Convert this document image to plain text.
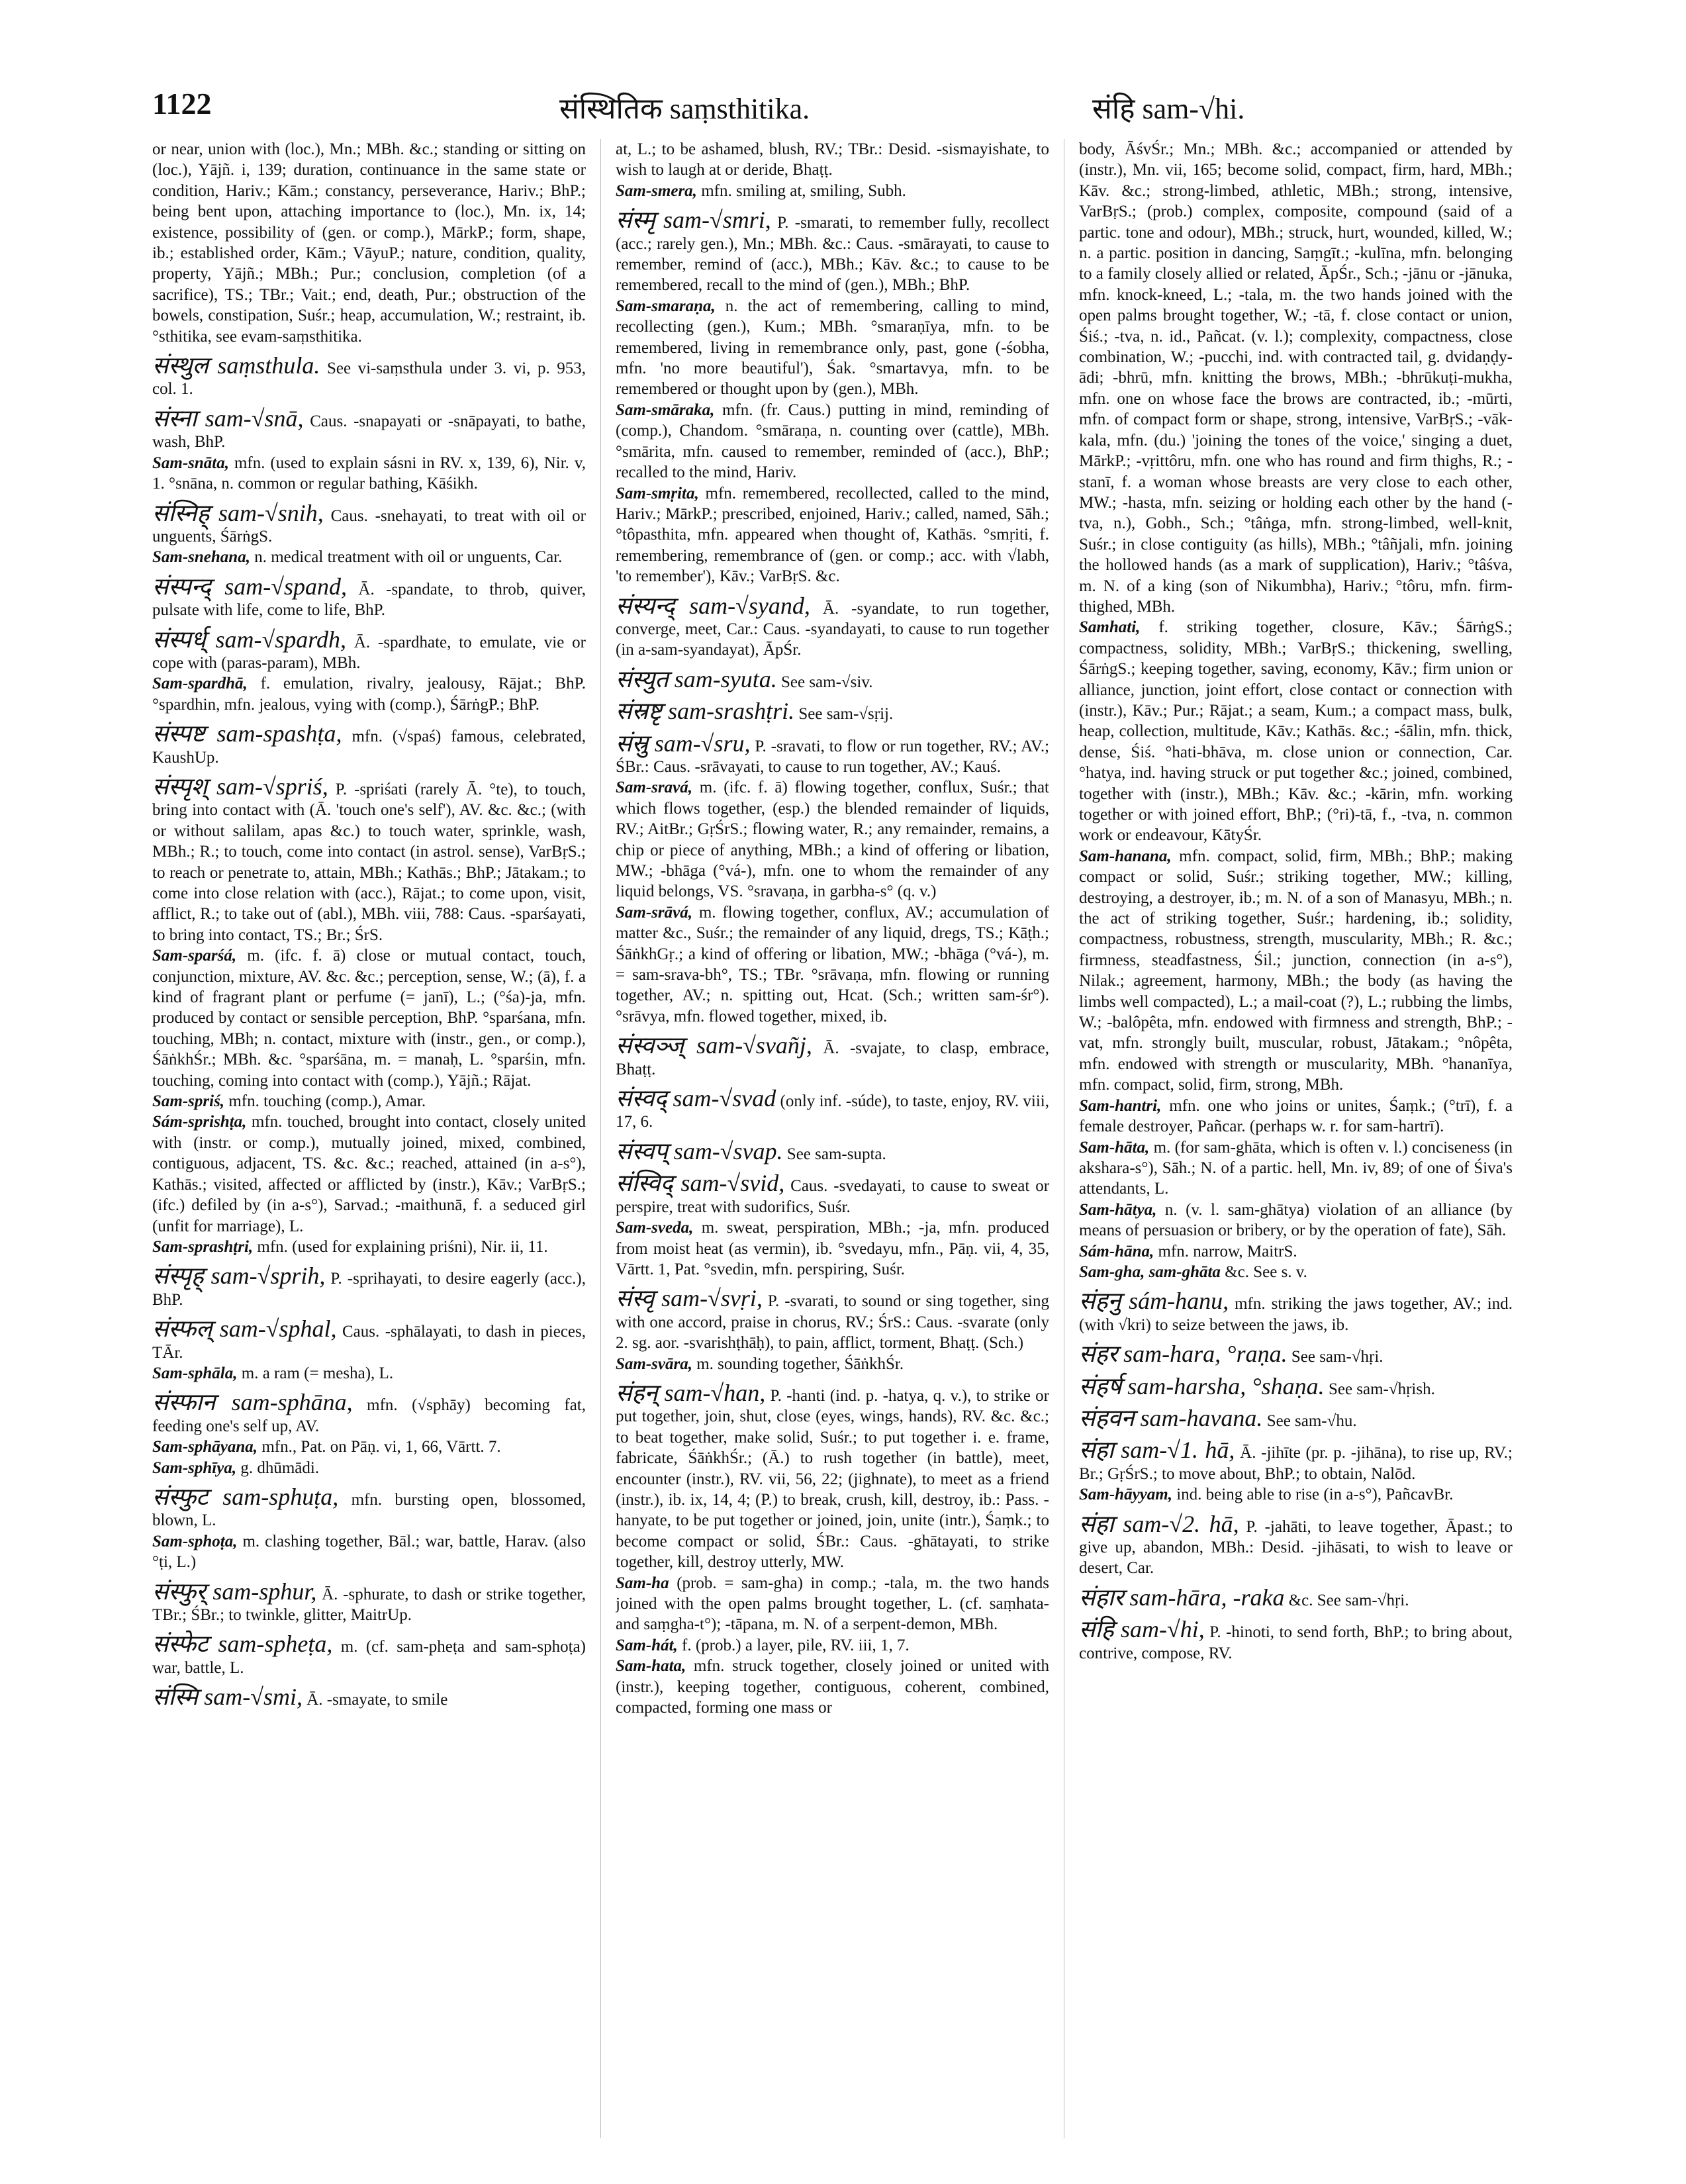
1122	संस्थितिक saṃsthitika.	संहि sam-√hi.

or near, union with (loc.), Mn.; MBh. &c.; standing or sitting on (loc.), Yājñ. i, 139; duration, continuance in the same state or condition, Hariv.; Kām.; constancy, perseverance, Hariv.; BhP.; being bent upon, attaching importance to (loc.), Mn. ix, 14; existence, possibility of (gen. or comp.), MārkP.; form, shape, ib.; established order, Kām.; VāyuP.; nature, condition, quality, property, Yājñ.; MBh.; Pur.; conclusion, completion (of a sacrifice), TS.; TBr.; Vait.; end, death, Pur.; obstruction of the bowels, constipation, Suśr.; heap, accumulation, W.; restraint, ib. °sthitika, see evam-saṃsthitika.

संस्थुल saṃsthula. See vi-saṃsthula under 3. vi, p. 953, col. 1.

संस्ना sam-√snā, Caus. -snapayati or -snāpayati, to bathe, wash, BhP.

Sam-snāta, mfn. (used to explain sásni in RV. x, 139, 6), Nir. v, 1. °snāna, n. common or regular bathing, Kāśikh.

संस्निह् sam-√snih, Caus. -snehayati, to treat with oil or unguents, ŚārṅgS.

Sam-snehana, n. medical treatment with oil or unguents, Car.

संस्पन्द् sam-√spand, Ā. -spandate, to throb, quiver, pulsate with life, come to life, BhP.

संस्पर्ध् sam-√spardh, Ā. -spardhate, to emulate, vie or cope with (paras-param), MBh.

Sam-spardhā, f. emulation, rivalry, jealousy, Rājat.; BhP. °spardhin, mfn. jealous, vying with (comp.), ŚārṅgP.; BhP.

संस्पष्ट sam-spashṭa, mfn. (√spaś) famous, celebrated, KaushUp.

संस्पृश् sam-√spriś, P. -spriśati (rarely Ā. °te), to touch, bring into contact with (Ā. 'touch one's self'), AV. &c. &c.; (with or without salilam, apas &c.) to touch water, sprinkle, wash, MBh.; R.; to touch, come into contact (in astrol. sense), VarBṛS.; to reach or penetrate to, attain, MBh.; Kathās.; BhP.; Jātakam.; to come into close relation with (acc.), Rājat.; to come upon, visit, afflict, R.; to take out of (abl.), MBh. viii, 788: Caus. -sparśayati, to bring into contact, TS.; Br.; ŚrS.

Sam-sparśá, m. (ifc. f. ā) close or mutual contact, touch, conjunction, mixture, AV. &c. &c.; perception, sense, W.; (ā), f. a kind of fragrant plant or perfume (= janī), L.; (°śa)-ja, mfn. produced by contact or sensible perception, BhP. °sparśana, mfn. touching, MBh; n. contact, mixture with (instr., gen., or comp.), ŚāṅkhŚr.; MBh. &c. °sparśāna, m. = manaḥ, L. °sparśin, mfn. touching, coming into contact with (comp.), Yājñ.; Rājat.

Sam-spriś, mfn. touching (comp.), Amar.

Sám-sprishṭa, mfn. touched, brought into contact, closely united with (instr. or comp.), mutually joined, mixed, combined, contiguous, adjacent, TS. &c. &c.; reached, attained (in a-s°), Kathās.; visited, affected or afflicted by (instr.), Kāv.; VarBṛS.; (ifc.) defiled by (in a-s°), Sarvad.; -maithunā, f. a seduced girl (unfit for marriage), L.

Sam-sprashṭri, mfn. (used for explaining priśni), Nir. ii, 11.

संस्पृह् sam-√sprih, P. -sprihayati, to desire eagerly (acc.), BhP.

संस्फल् sam-√sphal, Caus. -sphālayati, to dash in pieces, TĀr.

Sam-sphāla, m. a ram (= mesha), L.

संस्फान sam-sphāna, mfn. (√sphāy) becoming fat, feeding one's self up, AV.

Sam-sphāyana, mfn., Pat. on Pāṇ. vi, 1, 66, Vārtt. 7.

Sam-sphīya, g. dhūmādi.

संस्फुट sam-sphuṭa, mfn. bursting open, blossomed, blown, L.

Sam-sphoṭa, m. clashing together, Bāl.; war, battle, Harav. (also °ṭi, L.)

संस्फुर् sam-sphur, Ā. -sphurate, to dash or strike together, TBr.; ŚBr.; to twinkle, glitter, MaitrUp.

संस्फेट sam-spheṭa, m. (cf. sam-pheṭa and sam-sphoṭa) war, battle, L.

संस्मि sam-√smi, Ā. -smayate, to smile

at, L.; to be ashamed, blush, RV.; TBr.: Desid. -sismayishate, to wish to laugh at or deride, Bhaṭṭ.

Sam-smera, mfn. smiling at, smiling, Subh.

संस्मृ sam-√smri, P. -smarati, to remember fully, recollect (acc.; rarely gen.), Mn.; MBh. &c.: Caus. -smārayati, to cause to remember, remind of (acc.), MBh.; Kāv. &c.; to cause to be remembered, recall to the mind of (gen.), MBh.; BhP.

Sam-smaraṇa, n. the act of remembering, calling to mind, recollecting (gen.), Kum.; MBh. °smaraṇīya, mfn. to be remembered, living in remembrance only, past, gone (-śobha, mfn. 'no more beautiful'), Śak. °smartavya, mfn. to be remembered or thought upon by (gen.), MBh.

Sam-smāraka, mfn. (fr. Caus.) putting in mind, reminding of (comp.), Chandom. °smāraṇa, n. counting over (cattle), MBh. °smārita, mfn. caused to remember, reminded of (acc.), BhP.; recalled to the mind, Hariv.

Sam-smṛita, mfn. remembered, recollected, called to the mind, Hariv.; MārkP.; prescribed, enjoined, Hariv.; called, named, Sāh.; °tôpasthita, mfn. appeared when thought of, Kathās. °smṛiti, f. remembering, remembrance of (gen. or comp.; acc. with √labh, 'to remember'), Kāv.; VarBṛS. &c.

संस्यन्द् sam-√syand, Ā. -syandate, to run together, converge, meet, Car.: Caus. -syandayati, to cause to run together (in a-sam-syandayat), ĀpŚr.

संस्युत sam-syuta. See sam-√siv.

संस्रष्टृ sam-srashṭri. See sam-√sṛij.

संस्रु sam-√sru, P. -sravati, to flow or run together, RV.; AV.; ŚBr.: Caus. -srāvayati, to cause to run together, AV.; Kauś.

Sam-sravá, m. (ifc. f. ā) flowing together, conflux, Suśr.; that which flows together, (esp.) the blended remainder of liquids, RV.; AitBr.; GṛŚrS.; flowing water, R.; any remainder, remains, a chip or piece of anything, MBh.; a kind of offering or libation, MW.; -bhāga (°vá-), mfn. one to whom the remainder of any liquid belongs, VS. °sravaṇa, in garbha-s° (q. v.)

Sam-srāvá, m. flowing together, conflux, AV.; accumulation of matter &c., Suśr.; the remainder of any liquid, dregs, TS.; Kāṭh.; ŚāṅkhGṛ.; a kind of offering or libation, MW.; -bhāga (°vá-), m. = sam-srava-bh°, TS.; TBr. °srāvaṇa, mfn. flowing or running together, AV.; n. spitting out, Hcat. (Sch.; written sam-śr°). °srāvya, mfn. flowed together, mixed, ib.

संस्वञ्ज् sam-√svañj, Ā. -svajate, to clasp, embrace, Bhaṭṭ.

संस्वद् sam-√svad (only inf. -súde), to taste, enjoy, RV. viii, 17, 6.

संस्वप् sam-√svap. See sam-supta.

संस्विद् sam-√svid, Caus. -svedayati, to cause to sweat or perspire, treat with sudorifics, Suśr.

Sam-sveda, m. sweat, perspiration, MBh.; -ja, mfn. produced from moist heat (as vermin), ib. °svedayu, mfn., Pāṇ. vii, 4, 35, Vārtt. 1, Pat. °svedin, mfn. perspiring, Suśr.

संस्वृ sam-√svṛi, P. -svarati, to sound or sing together, sing with one accord, praise in chorus, RV.; ŚrS.: Caus. -svarate (only 2. sg. aor. -svarishṭhāḥ), to pain, afflict, torment, Bhaṭṭ. (Sch.)

Sam-svāra, m. sounding together, ŚāṅkhŚr.

संहन् sam-√han, P. -hanti (ind. p. -hatya, q. v.), to strike or put together, join, shut, close (eyes, wings, hands), RV. &c. &c.; to beat together, make solid, Suśr.; to put together i. e. frame, fabricate, ŚāṅkhŚr.; (Ā.) to rush together (in battle), meet, encounter (instr.), RV. vii, 56, 22; (jighnate), to meet as a friend (instr.), ib. ix, 14, 4; (P.) to break, crush, kill, destroy, ib.: Pass. -hanyate, to be put together or joined, join, unite (intr.), Śaṃk.; to become compact or solid, ŚBr.: Caus. -ghātayati, to strike together, kill, destroy utterly, MW.

Sam-ha (prob. = sam-gha) in comp.; -tala, m. the two hands joined with the open palms brought together, L. (cf. saṃhata- and saṃgha-t°); -tāpana, m. N. of a serpent-demon, MBh.

Sam-hát, f. (prob.) a layer, pile, RV. iii, 1, 7.

Sam-hata, mfn. struck together, closely joined or united with (instr.), keeping together, contiguous, coherent, combined, compacted, forming one mass or

body, ĀśvŚr.; Mn.; MBh. &c.; accompanied or attended by (instr.), Mn. vii, 165; become solid, compact, firm, hard, MBh.; Kāv. &c.; strong-limbed, athletic, MBh.; strong, intensive, VarBṛS.; (prob.) complex, composite, compound (said of a partic. tone and odour), MBh.; struck, hurt, wounded, killed, W.; n. a partic. position in dancing, Saṃgīt.; -kulīna, mfn. belonging to a family closely allied or related, ĀpŚr., Sch.; -jānu or -jānuka, mfn. knock-kneed, L.; -tala, m. the two hands joined with the open palms brought together, W.; -tā, f. close contact or union, Śiś.; -tva, n. id., Pañcat. (v. l.); complexity, compactness, close combination, W.; -pucchi, ind. with contracted tail, g. dvidaṇḍy-ādi; -bhrū, mfn. knitting the brows, MBh.; -bhrūkuṭi-mukha, mfn. one on whose face the brows are contracted, ib.; -mūrti, mfn. of compact form or shape, strong, intensive, VarBṛS.; -vāk-kala, mfn. (du.) 'joining the tones of the voice,' singing a duet, MārkP.; -vṛittôru, mfn. one who has round and firm thighs, R.; -stanī, f. a woman whose breasts are very close to each other, MW.; -hasta, mfn. seizing or holding each other by the hand (-tva, n.), Gobh., Sch.; °tâṅga, mfn. strong-limbed, well-knit, Suśr.; in close contiguity (as hills), MBh.; °tâñjali, mfn. joining the hollowed hands (as a mark of supplication), Hariv.; °tâśva, m. N. of a king (son of Nikumbha), Hariv.; °tôru, mfn. firm-thighed, MBh.

Samhati, f. striking together, closure, Kāv.; ŚārṅgS.; compactness, solidity, MBh.; VarBṛS.; thickening, swelling, ŚārṅgS.; keeping together, saving, economy, Kāv.; firm union or alliance, junction, joint effort, close contact or connection with (instr.), Kāv.; Pur.; Rājat.; a seam, Kum.; a compact mass, bulk, heap, collection, multitude, Kāv.; Kathās. &c.; -śālin, mfn. thick, dense, Śiś. °hati-bhāva, m. close union or connection, Car. °hatya, ind. having struck or put together &c.; joined, combined, together with (instr.), MBh.; Kāv. &c.; -kārin, mfn. working together or with joined effort, BhP.; (°ri)-tā, f., -tva, n. common work or endeavour, KātyŚr.

Sam-hanana, mfn. compact, solid, firm, MBh.; BhP.; making compact or solid, Suśr.; striking together, MW.; killing, destroying, a destroyer, ib.; m. N. of a son of Manasyu, MBh.; n. the act of striking together, Suśr.; hardening, ib.; solidity, compactness, robustness, strength, muscularity, MBh.; R. &c.; firmness, steadfastness, Śil.; junction, connection (in a-s°), Nilak.; agreement, harmony, MBh.; the body (as having the limbs well compacted), L.; a mail-coat (?), L.; rubbing the limbs, W.; -balôpêta, mfn. endowed with firmness and strength, BhP.; -vat, mfn. strongly built, muscular, robust, Jātakam.; °nôpêta, mfn. endowed with strength or muscularity, MBh. °hananīya, mfn. compact, solid, firm, strong, MBh.

Sam-hantri, mfn. one who joins or unites, Śaṃk.; (°trī), f. a female destroyer, Pañcar. (perhaps w. r. for sam-hartrī).

Sam-hāta, m. (for sam-ghāta, which is often v. l.) conciseness (in akshara-s°), Sāh.; N. of a partic. hell, Mn. iv, 89; of one of Śiva's attendants, L.

Sam-hātya, n. (v. l. sam-ghātya) violation of an alliance (by means of persuasion or bribery, or by the operation of fate), Sāh.

Sám-hāna, mfn. narrow, MaitrS.

Sam-gha, sam-ghāta &c. See s. v.

संहनु sám-hanu, mfn. striking the jaws together, AV.; ind. (with √kri) to seize between the jaws, ib.

संहर sam-hara, °raṇa. See sam-√hṛi.

संहर्ष sam-harsha, °shaṇa. See sam-√hṛish.

संहवन sam-havana. See sam-√hu.

संहा sam-√1. hā, Ā. -jihīte (pr. p. -jihāna), to rise up, RV.; Br.; GṛŚrS.; to move about, BhP.; to obtain, Nalōd.

Sam-hāyyam, ind. being able to rise (in a-s°), PañcavBr.

संहा sam-√2. hā, P. -jahāti, to leave together, Āpast.; to give up, abandon, MBh.: Desid. -jihāsati, to wish to leave or desert, Car.

संहार sam-hāra, -raka &c. See sam-√hṛi.

संहि sam-√hi, P. -hinoti, to send forth, BhP.; to bring about, contrive, compose, RV.
